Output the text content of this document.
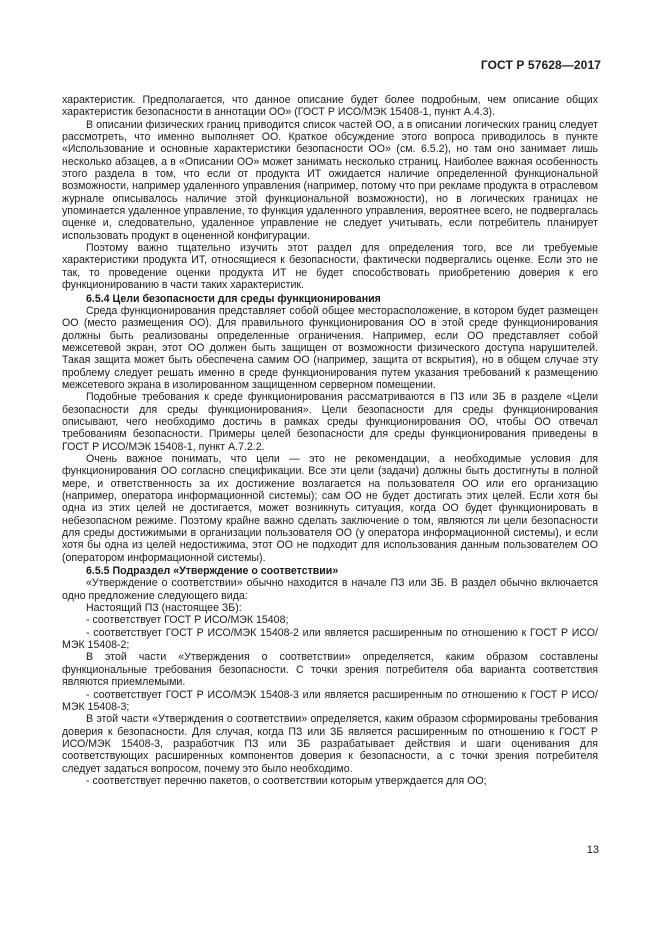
ГОСТ Р 57628—2017

характеристик. Предполагается, что данное описание будет более подробным, чем описание общих характеристик безопасности в аннотации ОО» (ГОСТ Р ИСО/МЭК 15408-1, пункт А.4.3).

В описании физических границ приводится список частей ОО, а в описании логических границ следует рассмотреть, что именно выполняет ОО. Краткое обсуждение этого вопроса приводилось в пункте «Использование и основные характеристики безопасности ОО» (см. 6.5.2), но там оно занимает лишь несколько абзацев, а в «Описании ОО» может занимать несколько страниц. Наиболее важная особенность этого раздела в том, что если от продукта ИТ ожидается наличие определенной функциональной возможности, например удаленного управления (например, потому что при рекламе продукта в отраслевом журнале описывалось наличие этой функциональной возможности), но в логических границах не упоминается удаленное управление, то функция удаленного управления, вероятнее всего, не подвергалась оценке и, следовательно, удаленное управление не следует учитывать, если потребитель планирует использовать продукт в оцененной конфигурации.

Поэтому важно тщательно изучить этот раздел для определения того, все ли требуемые характеристики продукта ИТ, относящиеся к безопасности, фактически подвергались оценке. Если это не так, то проведение оценки продукта ИТ не будет способствовать приобретению доверия к его функционированию в части таких характеристик.

6.5.4 Цели безопасности для среды функционирования

Среда функционирования представляет собой общее месторасположение, в котором будет размещен ОО (место размещения ОО). Для правильного функционирования ОО в этой среде функционирования должны быть реализованы определенные ограничения. Например, если ОО представляет собой межсетевой экран, этот ОО должен быть защищен от возможности физического доступа нарушителей. Такая защита может быть обеспечена самим ОО (например, защита от вскрытия), но в общем случае эту проблему следует решать именно в среде функционирования путем указания требований к размещению межсетевого экрана в изолированном защищенном серверном помещении.

Подобные требования к среде функционирования рассматриваются в ПЗ или ЗБ в разделе «Цели безопасности для среды функционирования». Цели безопасности для среды функционирования описывают, чего необходимо достичь в рамках среды функционирования ОО, чтобы ОО отвечал требованиям безопасности. Примеры целей безопасности для среды функционирования приведены в ГОСТ Р ИСО/МЭК 15408-1, пункт А.7.2.2.

Очень важное понимать, что цели — это не рекомендации, а необходимые условия для функционирования ОО согласно спецификации. Все эти цели (задачи) должны быть достигнуты в полной мере, и ответственность за их достижение возлагается на пользователя ОО или его организацию (например, оператора информационной системы); сам ОО не будет достигать этих целей. Если хотя бы одна из этих целей не достигается, может возникнуть ситуация, когда ОО будет функционировать в небезопасном режиме. Поэтому крайне важно сделать заключение о том, являются ли цели безопасности для среды достижимыми в организации пользователя ОО (у оператора информационной системы), и если хотя бы одна из целей недостижима, этот ОО не подходит для использования данным пользователем ОО (оператором информационной системы).

6.5.5 Подраздел «Утверждение о соответствии»

«Утверждение о соответствии» обычно находится в начале ПЗ или ЗБ. В раздел обычно включается одно предложение следующего вида:

Настоящий ПЗ (настоящее ЗБ):

- соответствует ГОСТ Р ИСО/МЭК 15408;

- соответствует ГОСТ Р ИСО/МЭК 15408-2 или является расширенным по отношению к ГОСТ Р ИСО/МЭК 15408-2;

В этой части «Утверждения о соответствии» определяется, каким образом составлены функциональные требования безопасности. С точки зрения потребителя оба варианта соответствия являются приемлемыми.

- соответствует ГОСТ Р ИСО/МЭК 15408-3 или является расширенным по отношению к ГОСТ Р ИСО/МЭК 15408-3;

В этой части «Утверждения о соответствии» определяется, каким образом сформированы требования доверия к безопасности. Для случая, когда ПЗ или ЗБ является расширенным по отношению к ГОСТ Р ИСО/МЭК 15408-3, разработчик ПЗ или ЗБ разрабатывает действия и шаги оценивания для соответствующих расширенных компонентов доверия к безопасности, а с точки зрения потребителя следует задаться вопросом, почему это было необходимо.

- соответствует перечню пакетов, о соответствии которым утверждается для ОО;

13
